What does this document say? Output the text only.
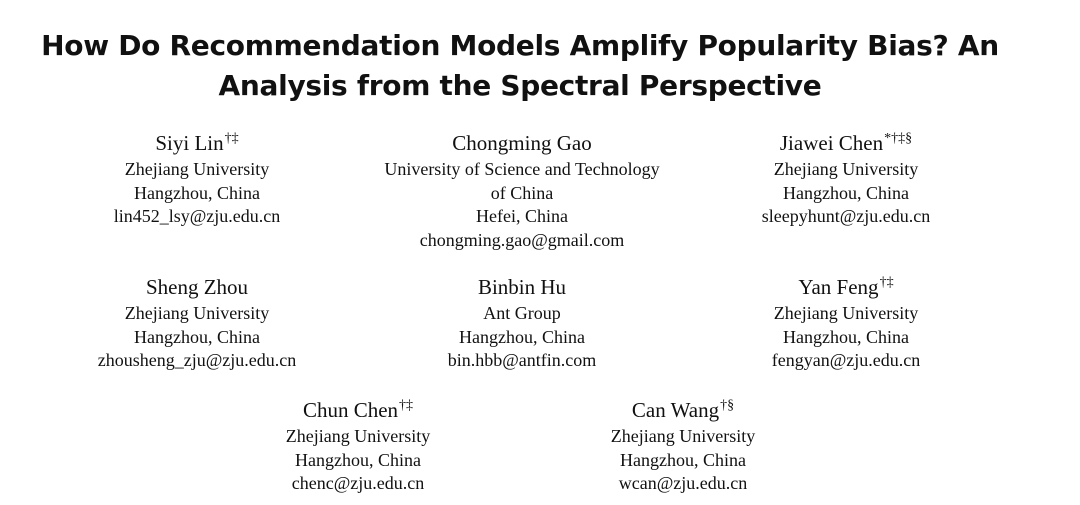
How Do Recommendation Models Amplify Popularity Bias? An
Analysis from the Spectral Perspective
Siyi Lin†‡
Zhejiang University
Hangzhou, China
lin452_lsy@zju.edu.cn
Chongming Gao
University of Science and Technology
of China
Hefei, China
chongming.gao@gmail.com
Jiawei Chen*†‡§
Zhejiang University
Hangzhou, China
sleepyhunt@zju.edu.cn
Sheng Zhou
Zhejiang University
Hangzhou, China
zhousheng_zju@zju.edu.cn
Binbin Hu
Ant Group
Hangzhou, China
bin.hbb@antfin.com
Yan Feng†‡
Zhejiang University
Hangzhou, China
fengyan@zju.edu.cn
Chun Chen†‡
Zhejiang University
Hangzhou, China
chenc@zju.edu.cn
Can Wang†§
Zhejiang University
Hangzhou, China
wcan@zju.edu.cn
